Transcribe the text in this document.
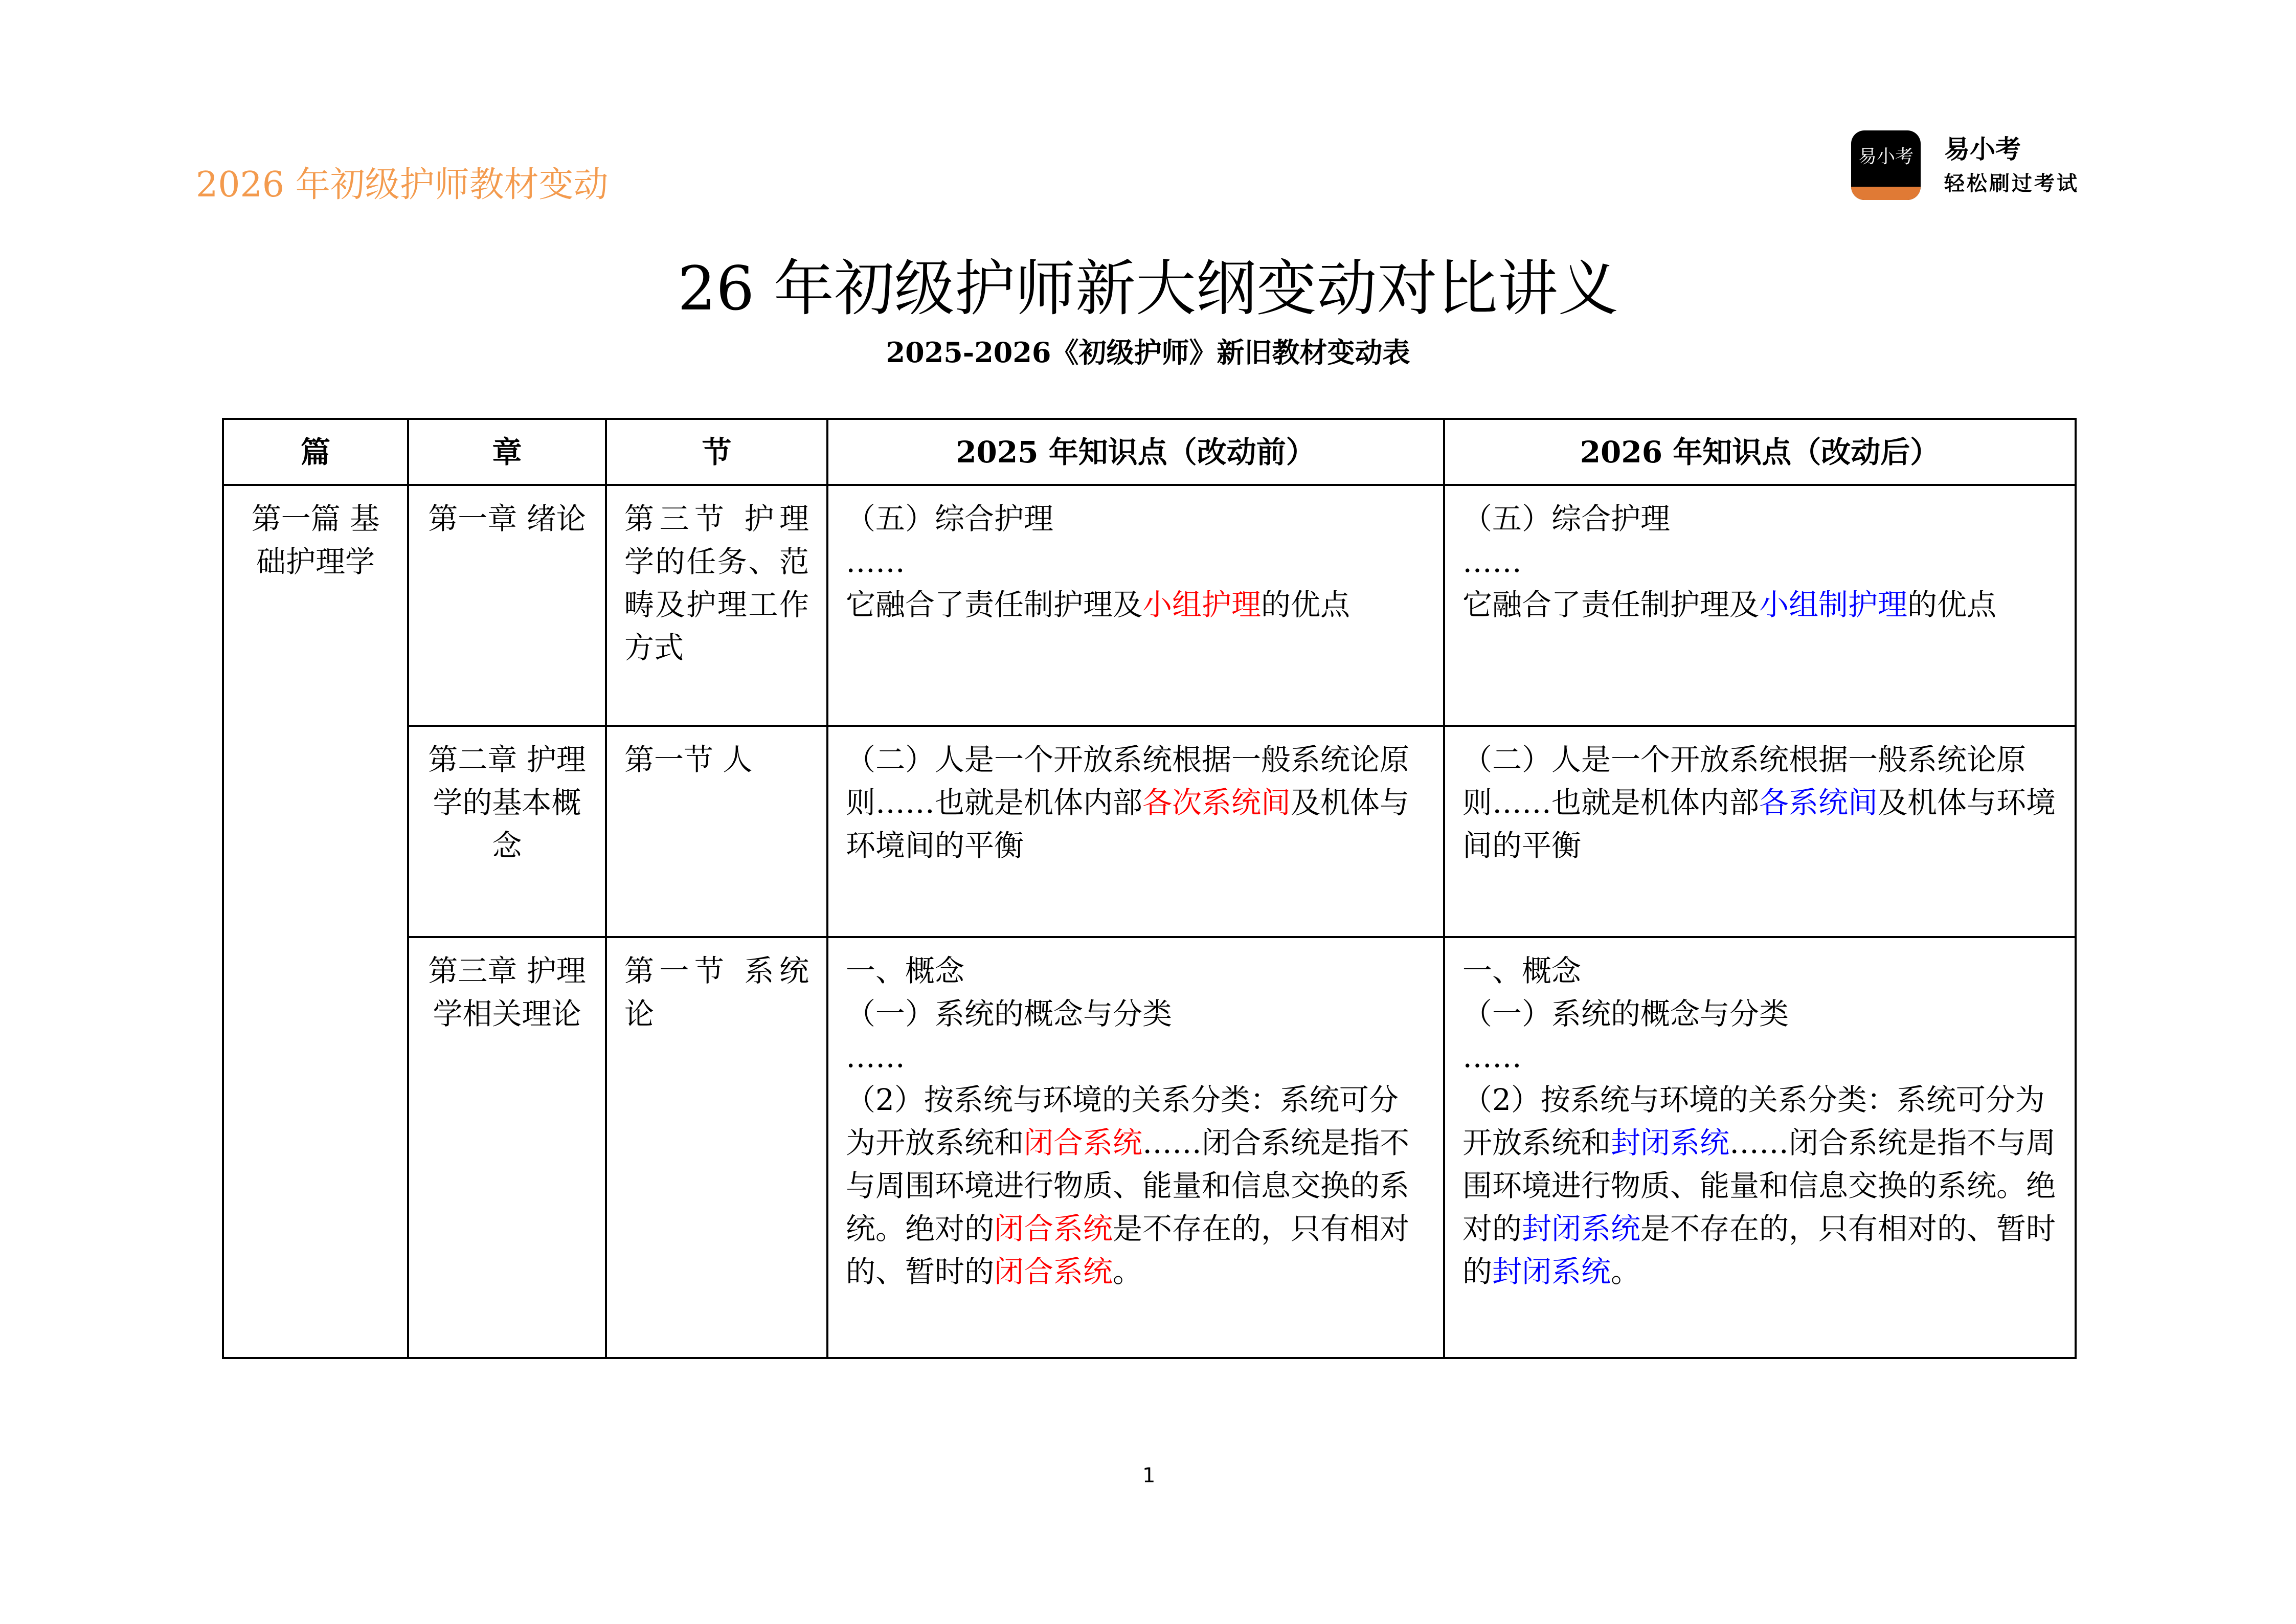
2026 年初级护师教材变动
易小考 易小考
轻松刷过考试
26 年初级护师新大纲变动对比讲义
2025-2026《初级护师》新旧教材变动表
篇	章	节	2025 年知识点（改动前）	2026 年知识点（改动后）
第一篇 基础护理学	第一章 绪论	第三节 护理学的任务、范畴及护理工作方式	（五）综合护理
……
它融合了责任制护理及小组护理的优点	（五）综合护理
……
它融合了责任制护理及小组制护理的优点

	第二章 护理学的基本概念	第一节 人	（二）人是一个开放系统根据一般系统论原则……也就是机体内部各次系统间及机体与环境间的平衡	（二）人是一个开放系统根据一般系统论原则……也就是机体内部各系统间及机体与环境间的平衡
	第三章 护理学相关理论	第一节 系统论	一、概念
（一）系统的概念与分类
……
（2）按系统与环境的关系分类：系统可分为开放系统和闭合系统……闭合系统是指不与周围环境进行物质、能量和信息交换的系统。绝对的闭合系统是不存在的，只有相对的、暂时的闭合系统。	一、概念
（一）系统的概念与分类
……
（2）按系统与环境的关系分类：系统可分为开放系统和封闭系统……闭合系统是指不与周围环境进行物质、能量和信息交换的系统。绝对的封闭系统是不存在的，只有相对的、暂时的封闭系统。
1
